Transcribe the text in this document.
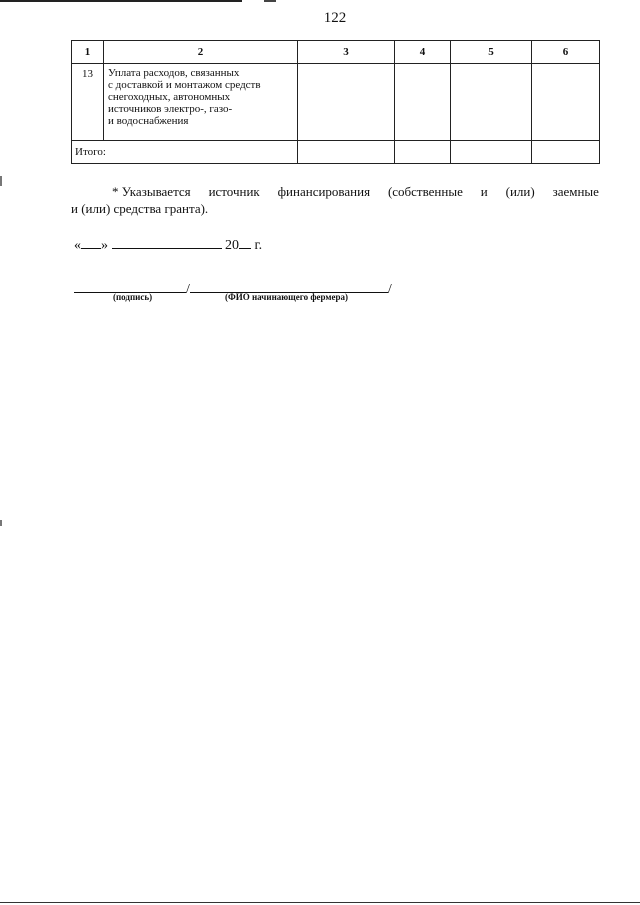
122
1	2	3	4	5	6
13	Уплата расходов, связанных
с доставкой и монтажом средств
снегоходных, автономных
источников электро-, газо-
и водоснабжения				

Итого:					
* Указывается источник финансирования (собственные и (или) заемные
и (или) средства гранта).
« »	20 г.
/	/
(подпись)	(ФИО начинающего фермера)
